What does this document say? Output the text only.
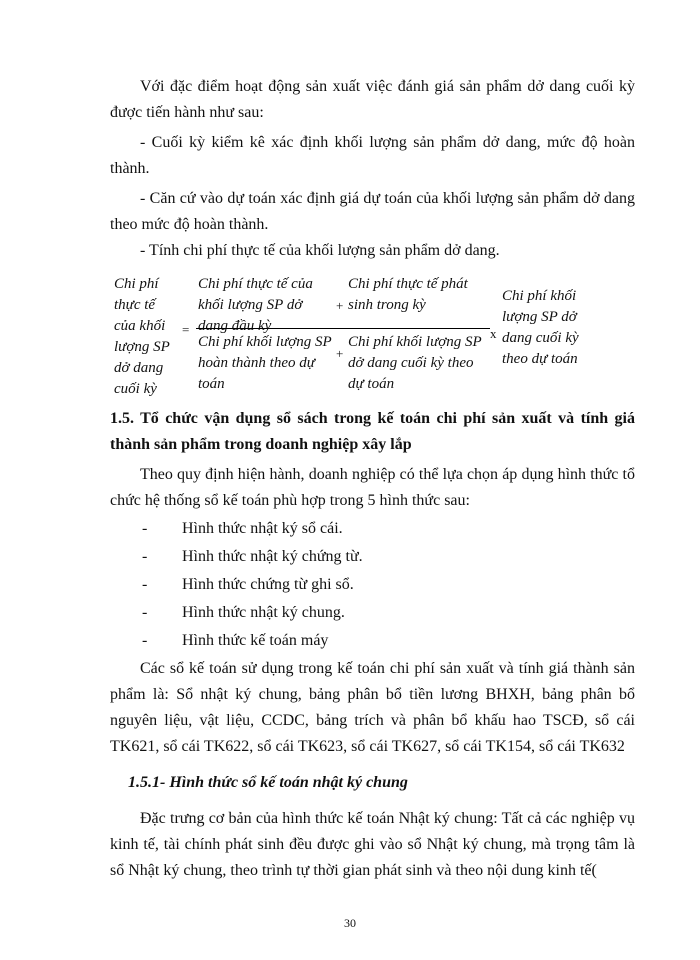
Với đặc điểm hoạt động sản xuất việc đánh giá sản phẩm dở dang cuối kỳ được tiến hành như sau:

- Cuối kỳ kiểm kê xác định khối lượng sản phẩm dở dang, mức độ hoàn thành.

- Căn cứ vào dự toán xác định giá dự toán của khối lượng sản phẩm dở dang theo mức độ hoàn thành.

- Tính chi phí thực tế của khối lượng sản phẩm dở dang.

Chi phí thực tế của khối lượng SP dở dang cuối kỳ
=
Chi phí thực tế của khối lượng SP dở dang đầu kỳ
+
Chi phí thực tế phát sinh trong kỳ
Chi phí khối lượng SP hoàn thành theo dự toán
+
Chi phí khối lượng SP dở dang cuối kỳ theo dự toán
x
Chi phí khối lượng SP dở dang cuối kỳ theo dự toán

1.5. Tổ chức vận dụng sổ sách trong kế toán chi phí sản xuất và tính giá thành sản phẩm trong doanh nghiệp xây lắp

Theo quy định hiện hành, doanh nghiệp có thể lựa chọn áp dụng hình thức tổ chức hệ thống sổ kế toán phù hợp trong 5 hình thức sau:

- Hình thức nhật ký sổ cái.
- Hình thức nhật ký chứng từ.
- Hình thức chứng từ ghi sổ.
- Hình thức nhật ký chung.
- Hình thức kế toán máy

Các sổ kế toán sử dụng trong kế toán chi phí sản xuất và tính giá thành sản phẩm là: Sổ nhật ký chung, bảng phân bổ tiền lương BHXH, bảng phân bổ nguyên liệu, vật liệu, CCDC, bảng trích và phân bổ khấu hao TSCĐ, sổ cái TK621, sổ cái TK622, sổ cái TK623, sổ cái TK627, sổ cái TK154, sổ cái TK632

1.5.1- Hình thức sổ kế toán nhật ký chung

Đặc trưng cơ bản của hình thức kế toán Nhật ký chung: Tất cả các nghiệp vụ kinh tế, tài chính phát sinh đều được ghi vào sổ Nhật ký chung, mà trọng tâm là sổ Nhật ký chung, theo trình tự thời gian phát sinh và theo nội dung kinh tế(

30
